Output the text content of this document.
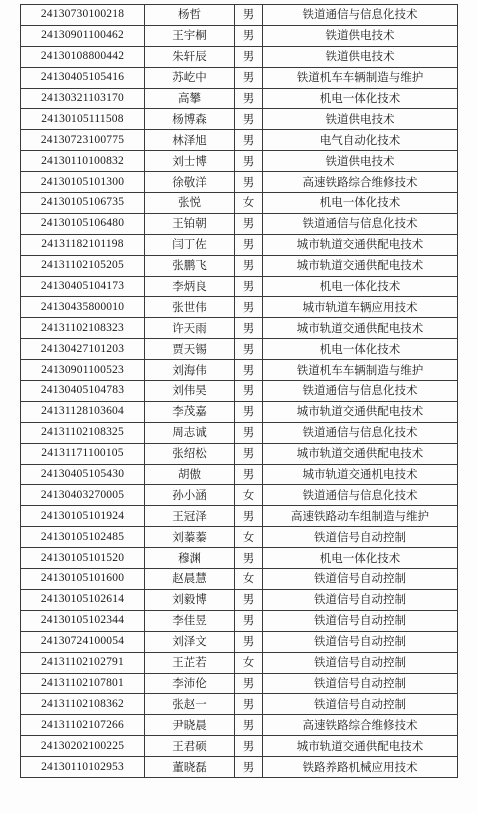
24130730100218	杨哲	男	铁道通信与信息化技术
24130901100462	王宇桐	男	铁道供电技术
24130108800442	朱轩辰	男	铁道供电技术
24130405105416	苏屹中	男	铁道机车车辆制造与维护
24130321103170	高攀	男	机电一体化技术
24130105111508	杨博森	男	铁道供电技术
24130723100775	林泽旭	男	电气自动化技术
24130110100832	刘士博	男	铁道供电技术
24130105101300	徐敬洋	男	高速铁路综合维修技术
24130105106735	张悦	女	机电一体化技术
24130105106480	王铂朝	男	铁道通信与信息化技术
24131182101198	闫丁佐	男	城市轨道交通供配电技术
24131102105205	张鹏飞	男	城市轨道交通供配电技术
24130405104173	李炳良	男	机电一体化技术
24130435800010	张世伟	男	城市轨道车辆应用技术
24131102108323	许天雨	男	城市轨道交通供配电技术
24130427101203	贾天锡	男	机电一体化技术
24130901100523	刘海伟	男	铁道机车车辆制造与维护
24130405104783	刘伟昊	男	铁道通信与信息化技术
24131128103604	李茂嘉	男	城市轨道交通供配电技术
24131102108325	周志诚	男	铁道通信与信息化技术
24131171100105	张绍松	男	城市轨道交通供配电技术
24130405105430	胡傲	男	城市轨道交通机电技术
24130403270005	孙小涵	女	铁道通信与信息化技术
24130105101924	王冠泽	男	高速铁路动车组制造与维护
24130105102485	刘蓁蓁	女	铁道信号自动控制
24130105101520	穆渊	男	机电一体化技术
24130105101600	赵晨慧	女	铁道信号自动控制
24130105102614	刘毅博	男	铁道信号自动控制
24130105102344	李佳昱	男	铁道信号自动控制
24130724100054	刘泽文	男	铁道信号自动控制
24131102102791	王芷若	女	铁道信号自动控制
24131102107801	李沛伦	男	铁道信号自动控制
24131102108362	张赵一	男	铁道信号自动控制
24131102107266	尹晓晨	男	高速铁路综合维修技术
24130202100225	王君硕	男	城市轨道交通供配电技术
24130110102953	董晓磊	男	铁路养路机械应用技术
